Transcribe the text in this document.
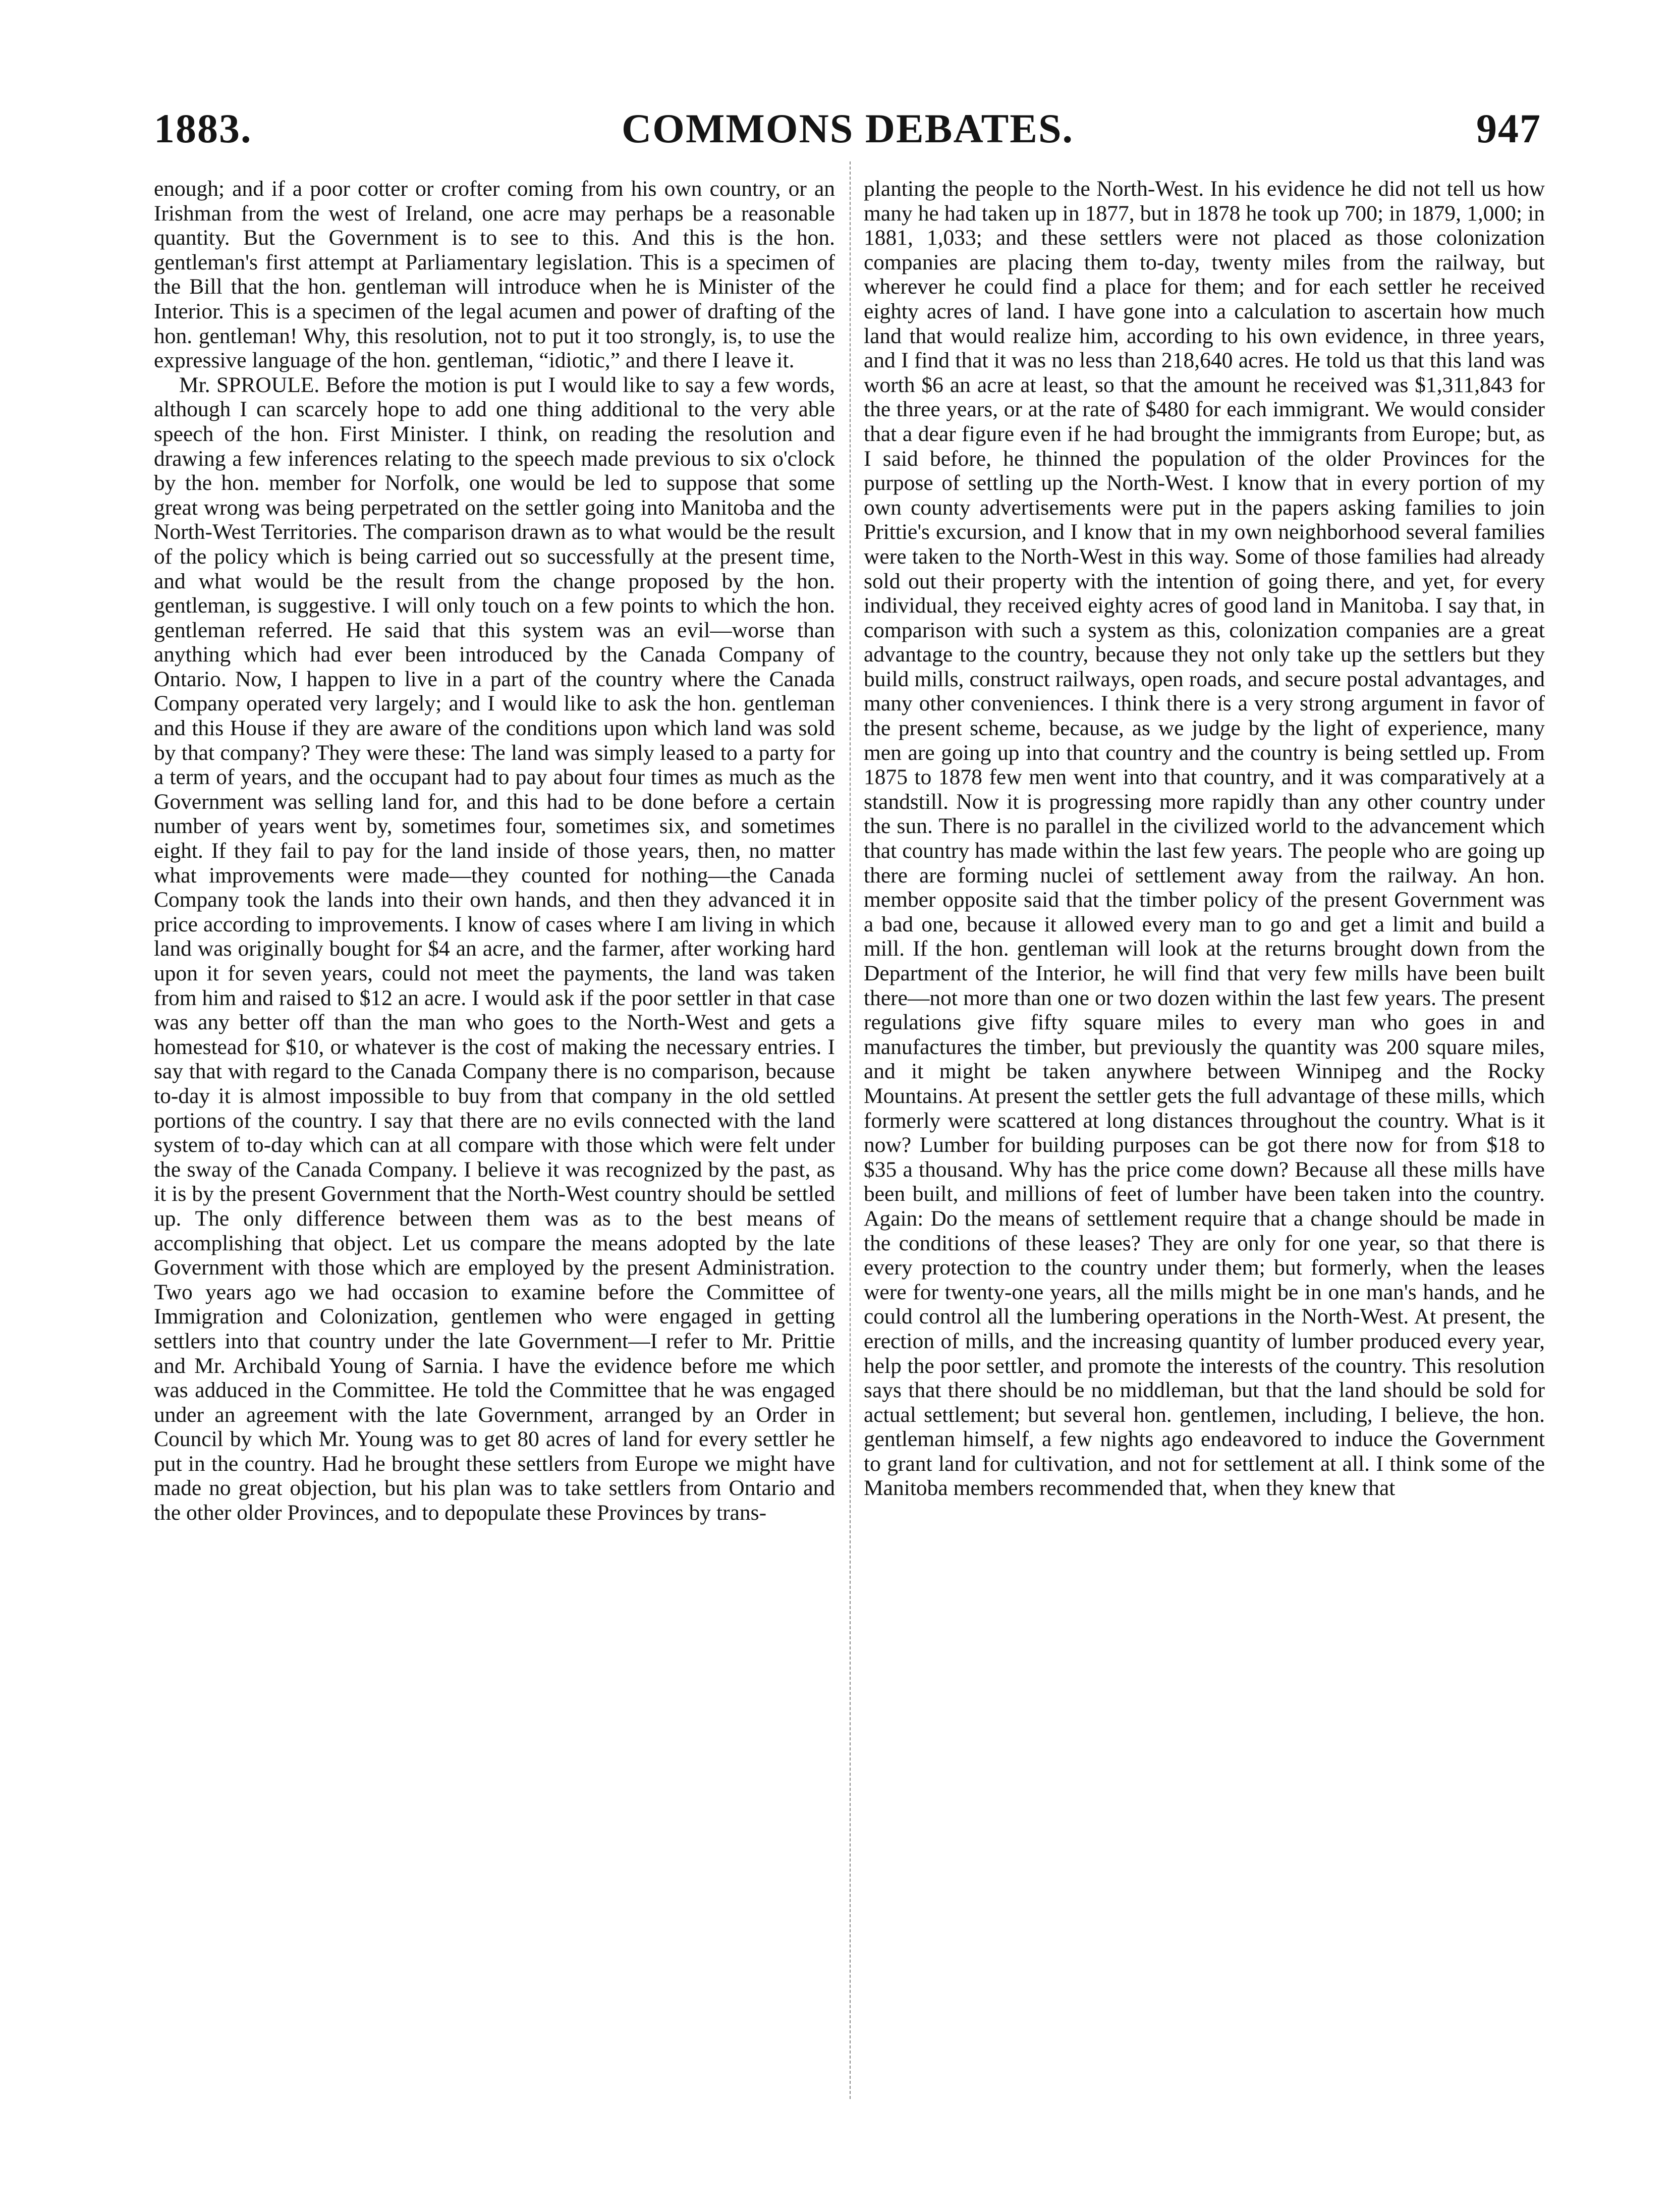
1883.	COMMONS DEBATES.	947

enough; and if a poor cotter or crofter coming from his own country, or an Irishman from the west of Ireland, one acre may perhaps be a reasonable quantity. But the Government is to see to this. And this is the hon. gentleman's first attempt at Parliamentary legislation. This is a specimen of the Bill that the hon. gentleman will introduce when he is Minister of the Interior. This is a specimen of the legal acumen and power of drafting of the hon. gentleman! Why, this resolution, not to put it too strongly, is, to use the expressive language of the hon. gentleman, “idiotic,” and there I leave it.

Mr. SPROULE. Before the motion is put I would like to say a few words, although I can scarcely hope to add one thing additional to the very able speech of the hon. First Minister. I think, on reading the resolution and drawing a few inferences relating to the speech made previous to six o'clock by the hon. member for Norfolk, one would be led to suppose that some great wrong was being perpetrated on the settler going into Manitoba and the North-West Territories. The comparison drawn as to what would be the result of the policy which is being carried out so successfully at the present time, and what would be the result from the change proposed by the hon. gentleman, is suggestive. I will only touch on a few points to which the hon. gentleman referred. He said that this system was an evil—worse than anything which had ever been introduced by the Canada Company of Ontario. Now, I happen to live in a part of the country where the Canada Company operated very largely; and I would like to ask the hon. gentleman and this House if they are aware of the conditions upon which land was sold by that company? They were these: The land was simply leased to a party for a term of years, and the occupant had to pay about four times as much as the Government was selling land for, and this had to be done before a certain number of years went by, sometimes four, sometimes six, and sometimes eight. If they fail to pay for the land inside of those years, then, no matter what improvements were made—they counted for nothing—the Canada Company took the lands into their own hands, and then they advanced it in price according to improvements. I know of cases where I am living in which land was originally bought for $4 an acre, and the farmer, after working hard upon it for seven years, could not meet the payments, the land was taken from him and raised to $12 an acre. I would ask if the poor settler in that case was any better off than the man who goes to the North-West and gets a homestead for $10, or whatever is the cost of making the necessary entries. I say that with regard to the Canada Company there is no comparison, because to-day it is almost impossible to buy from that company in the old settled portions of the country. I say that there are no evils connected with the land system of to-day which can at all compare with those which were felt under the sway of the Canada Company. I believe it was recognized by the past, as it is by the present Government that the North-West country should be settled up. The only difference between them was as to the best means of accomplishing that object. Let us compare the means adopted by the late Government with those which are employed by the present Administration. Two years ago we had occasion to examine before the Committee of Immigration and Colonization, gentlemen who were engaged in getting settlers into that country under the late Government—I refer to Mr. Prittie and Mr. Archibald Young of Sarnia. I have the evidence before me which was adduced in the Committee. He told the Committee that he was engaged under an agreement with the late Government, arranged by an Order in Council by which Mr. Young was to get 80 acres of land for every settler he put in the country. Had he brought these settlers from Europe we might have made no great objection, but his plan was to take settlers from Ontario and the other older Provinces, and to depopulate these Provinces by trans-

planting the people to the North-West. In his evidence he did not tell us how many he had taken up in 1877, but in 1878 he took up 700; in 1879, 1,000; in 1881, 1,033; and these settlers were not placed as those colonization companies are placing them to-day, twenty miles from the railway, but wherever he could find a place for them; and for each settler he received eighty acres of land. I have gone into a calculation to ascertain how much land that would realize him, according to his own evidence, in three years, and I find that it was no less than 218,640 acres. He told us that this land was worth $6 an acre at least, so that the amount he received was $1,311,843 for the three years, or at the rate of $480 for each immigrant. We would consider that a dear figure even if he had brought the immigrants from Europe; but, as I said before, he thinned the population of the older Provinces for the purpose of settling up the North-West. I know that in every portion of my own county advertisements were put in the papers asking families to join Prittie's excursion, and I know that in my own neighborhood several families were taken to the North-West in this way. Some of those families had already sold out their property with the intention of going there, and yet, for every individual, they received eighty acres of good land in Manitoba. I say that, in comparison with such a system as this, colonization companies are a great advantage to the country, because they not only take up the settlers but they build mills, construct railways, open roads, and secure postal advantages, and many other conveniences. I think there is a very strong argument in favor of the present scheme, because, as we judge by the light of experience, many men are going up into that country and the country is being settled up. From 1875 to 1878 few men went into that country, and it was comparatively at a standstill. Now it is progressing more rapidly than any other country under the sun. There is no parallel in the civilized world to the advancement which that country has made within the last few years. The people who are going up there are forming nuclei of settlement away from the railway. An hon. member opposite said that the timber policy of the present Government was a bad one, because it allowed every man to go and get a limit and build a mill. If the hon. gentleman will look at the returns brought down from the Department of the Interior, he will find that very few mills have been built there—not more than one or two dozen within the last few years. The present regulations give fifty square miles to every man who goes in and manufactures the timber, but previously the quantity was 200 square miles, and it might be taken anywhere between Winnipeg and the Rocky Mountains. At present the settler gets the full advantage of these mills, which formerly were scattered at long distances throughout the country. What is it now? Lumber for building purposes can be got there now for from $18 to $35 a thousand. Why has the price come down? Because all these mills have been built, and millions of feet of lumber have been taken into the country. Again: Do the means of settlement require that a change should be made in the conditions of these leases? They are only for one year, so that there is every protection to the country under them; but formerly, when the leases were for twenty-one years, all the mills might be in one man's hands, and he could control all the lumbering operations in the North-West. At present, the erection of mills, and the increasing quantity of lumber produced every year, help the poor settler, and promote the interests of the country. This resolution says that there should be no middleman, but that the land should be sold for actual settlement; but several hon. gentlemen, including, I believe, the hon. gentleman himself, a few nights ago endeavored to induce the Government to grant land for cultivation, and not for settlement at all. I think some of the Manitoba members recommended that, when they knew that
